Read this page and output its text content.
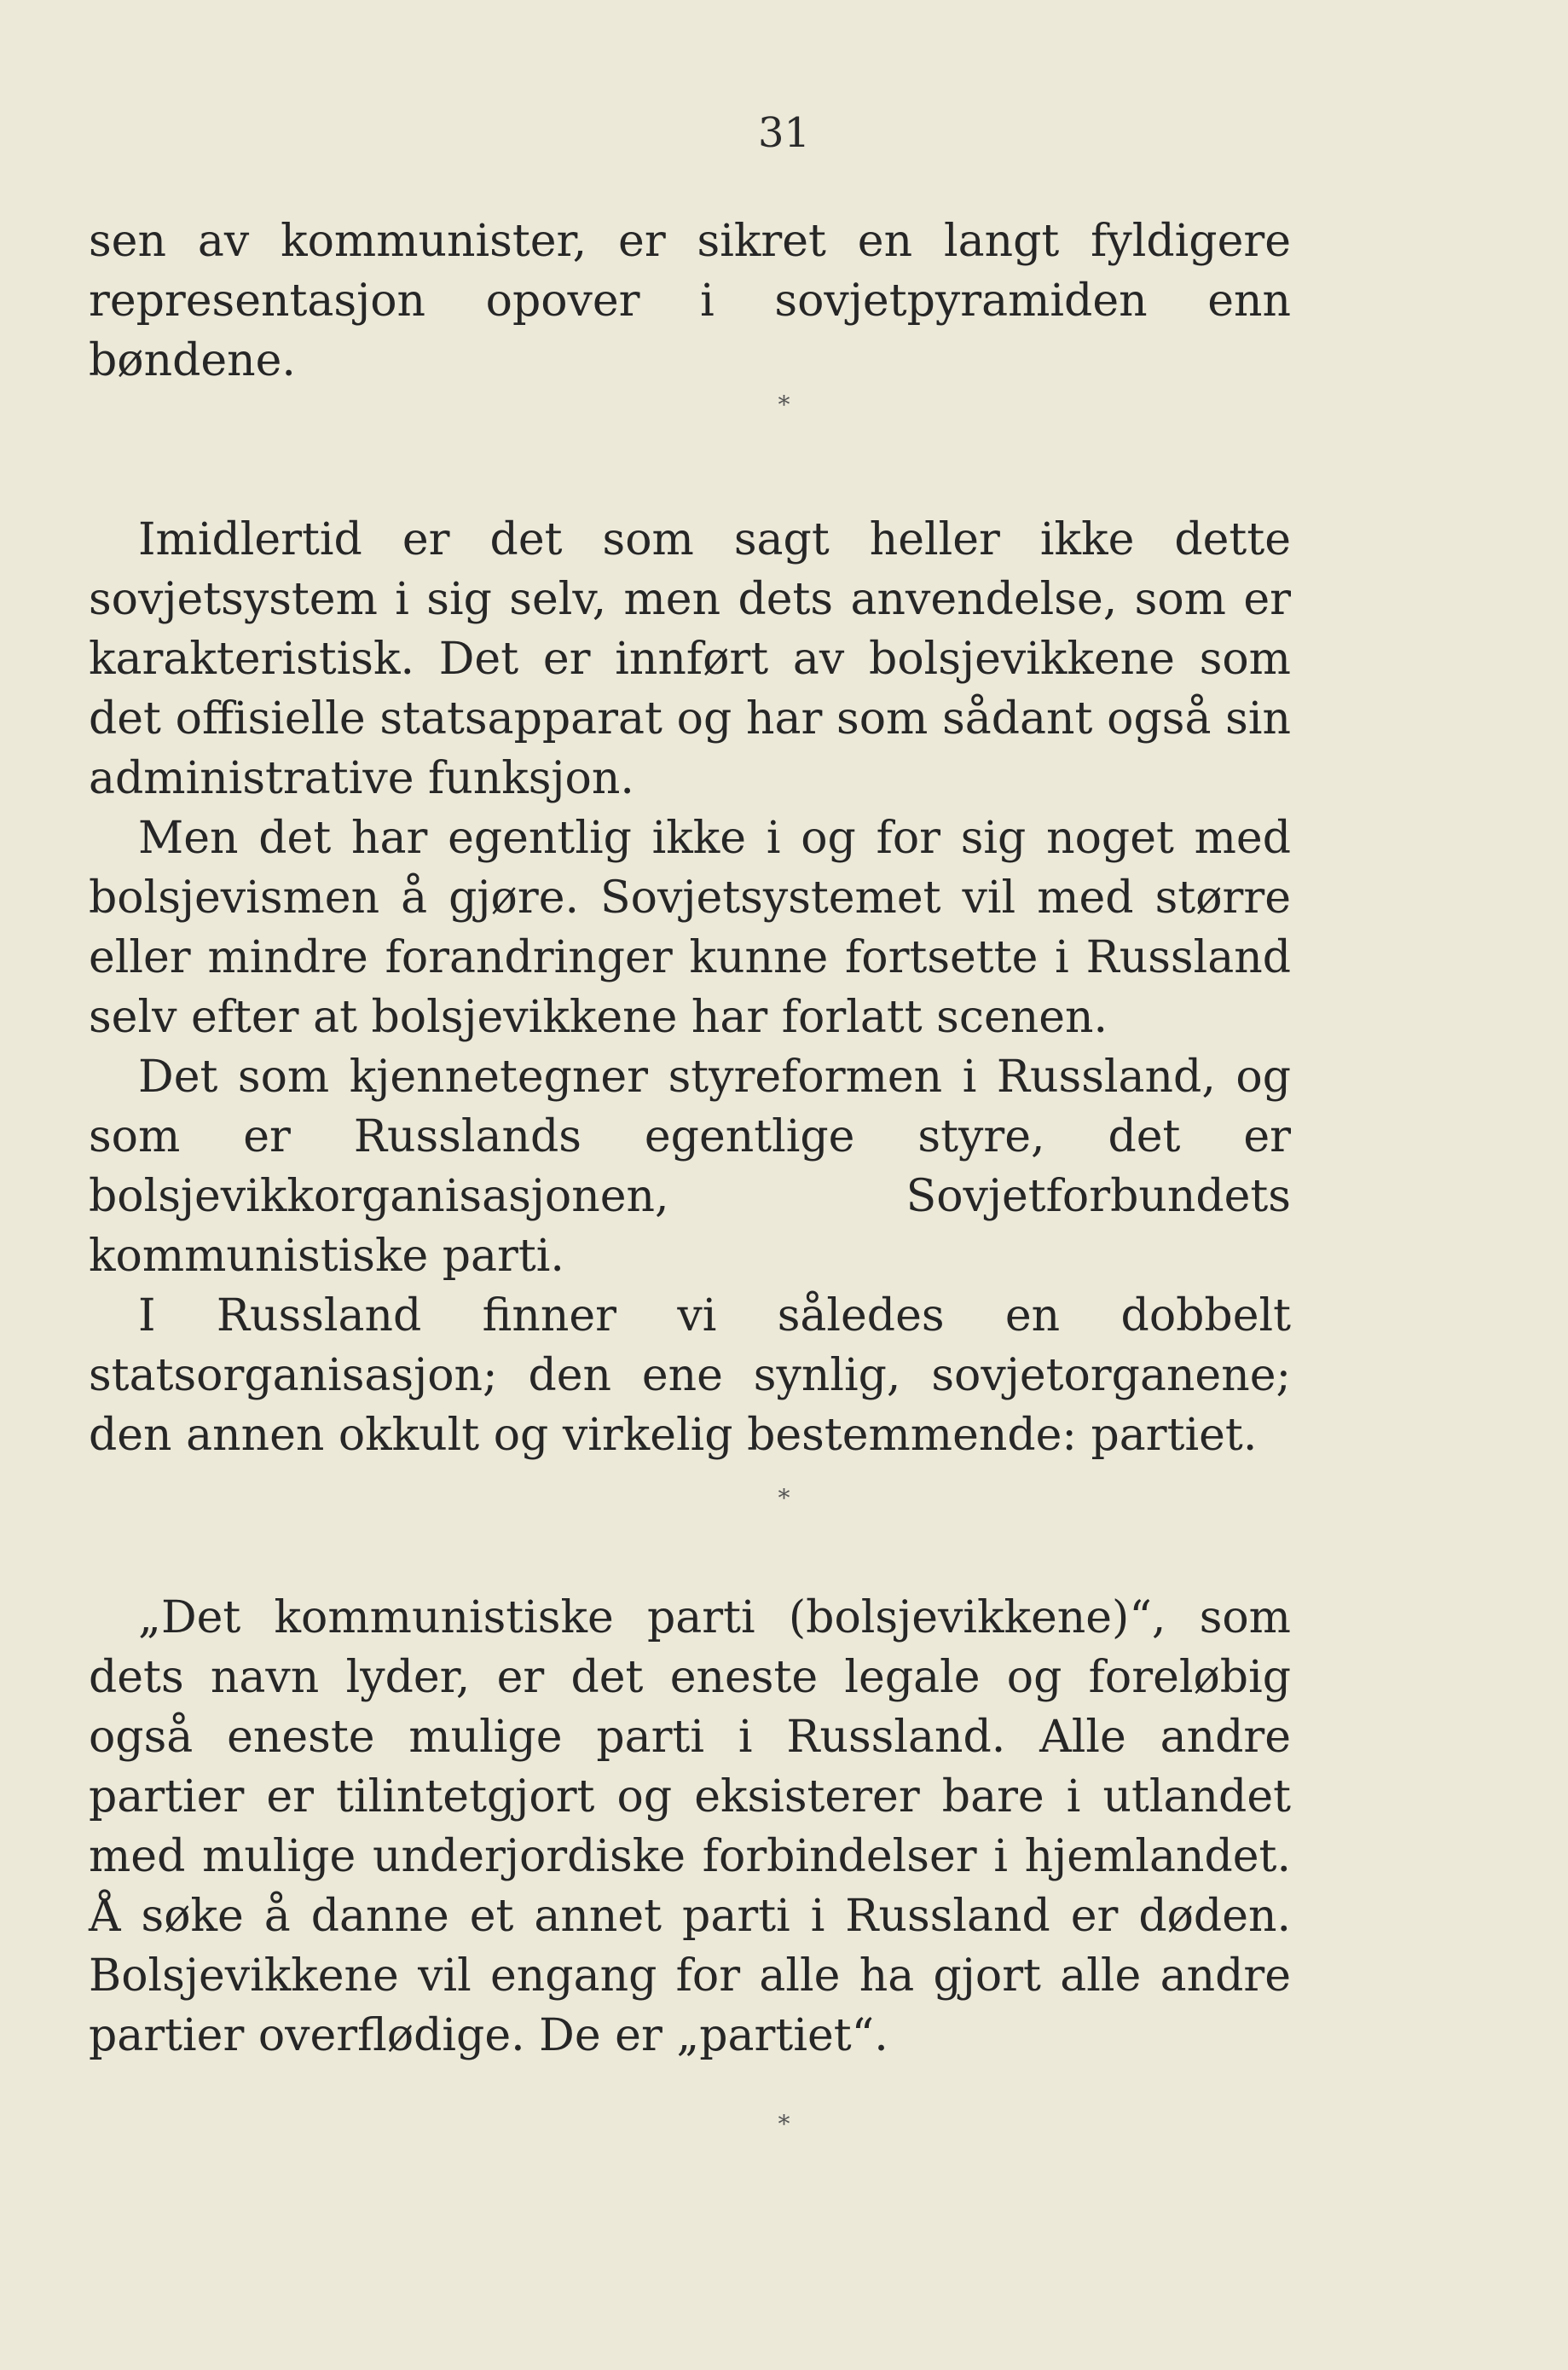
31

sen av kommunister, er sikret en langt fyldigere representasjon opover i sovjetpyramiden enn bøndene.

*

Imidlertid er det som sagt heller ikke dette sovjetsystem i sig selv, men dets anvendelse, som er karakteristisk. Det er innført av bolsjevikkene som det offisielle statsapparat og har som sådant også sin administrative funksjon.

Men det har egentlig ikke i og for sig noget med bolsjevismen å gjøre. Sovjetsystemet vil med større eller mindre forandringer kunne fortsette i Russland selv efter at bolsjevikkene har forlatt scenen.

Det som kjennetegner styreformen i Russland, og som er Russlands egentlige styre, det er bolsjevikkorganisasjonen, Sovjetforbundets kommunistiske parti.

I Russland finner vi således en dobbelt statsorganisasjon; den ene synlig, sovjetorganene; den annen okkult og virkelig bestemmende: partiet.

*

„Det kommunistiske parti (bolsjevikkene)“, som dets navn lyder, er det eneste legale og foreløbig også eneste mulige parti i Russland. Alle andre partier er tilintetgjort og eksisterer bare i utlandet med mulige underjordiske forbindelser i hjemlandet. Å søke å danne et annet parti i Russland er døden. Bolsjevikkene vil engang for alle ha gjort alle andre partier overflødige. De er „partiet“.

*
